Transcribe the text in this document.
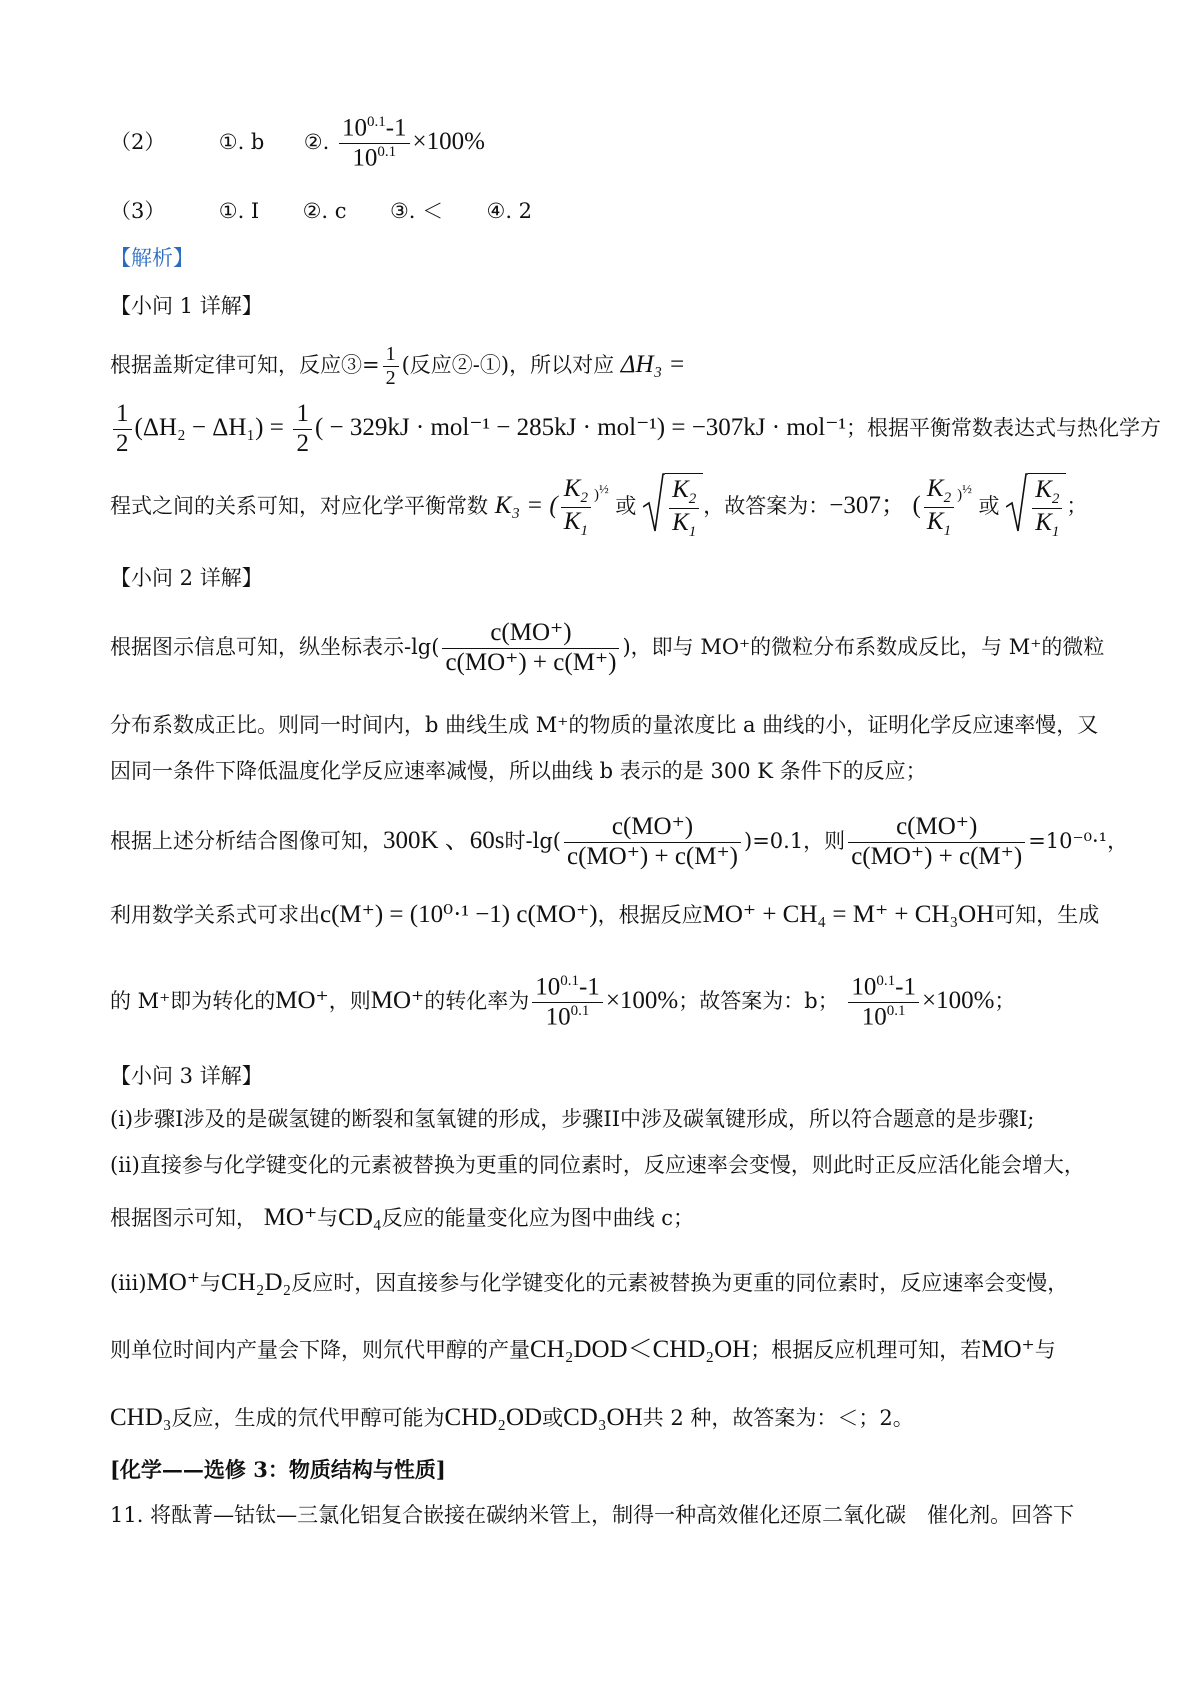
（2）	①. b ②. $\frac{10^{0.1}-1}{10^{0.1}} \times 100\%$
（3）	①. I ②. c ③. ＜ ④. 2
【解析】
【小问 1 详解】
根据盖斯定律可知，反应③= $\frac{1}{2}$ (反应②-①)，所以对应 ΔH₃ =
$\frac{1}{2} (\Delta H_2 - \Delta H_1) = \frac{1}{2}$ ( − 329kJ · mol⁻¹ − 285kJ · mol⁻¹) = −307kJ · mol⁻¹；根据平衡常数表达式与热化学方
程式之间的关系可知，对应化学平衡常数 K₃ = ( $\frac{K_2}{K_1} ^{)^{\frac{1}{2}}}$ 或 $\frac{K_2}{K_1}$ ，故答案为：−307； ( $\frac{K_2}{K_1} ^{)^{\frac{1}{2}}}$ 或 $\frac{K_2}{K_1}$ ；
【小问 2 详解】
根据图示信息可知，纵坐标表示$-\lg( \frac{c(MO^+)}{c(MO^+) + c(M^+)}$ )，即与 MO⁺的微粒分布系数成反比，与 M⁺的微粒
分布系数成正比。则同一时间内，b 曲线生成 M⁺的物质的量浓度比 a 曲线的小，证明化学反应速率慢，又
因同一条件下降低温度化学反应速率减慢，所以曲线 b 表示的是 300 K 条件下的反应；
根据上述分析结合图像可知，300K 、60s时$-\lg( \frac{c(MO^+)}{c(MO^+) + c(M^+)} )=0.1$，则 $\frac{c(MO^+)}{c(MO^+) + c(M^+)} =10^{-0}\cdot^1$，
利用数学关系式可求出c(M⁺) = (10⁰·¹ −1) c(MO⁺)，根据反应MO⁺ + CH₄ = M⁺ + CH₃OH可知，生成
的 M⁺即为转化的MO⁺，则MO⁺的转化率为 $\frac{10^{0.1}-1}{10^{0.1}} \times 100\%$；故答案为：b； $\frac{10^{0.1}-1}{10^{0.1}} \times 100\%$；
【小问 3 详解】
(i)步骤I涉及的是碳氢键的断裂和氢氧键的形成，步骤II中涉及碳氧键形成，所以符合题意的是步骤I;
(ii)直接参与化学键变化的元素被替换为更重的同位素时，反应速率会变慢，则此时正反应活化能会增大，
根据图示可知， MO⁺与CD₄反应的能量变化应为图中曲线 c；
(iii)MO⁺与CH₂D₂反应时，因直接参与化学键变化的元素被替换为更重的同位素时，反应速率会变慢，
则单位时间内产量会下降，则氘代甲醇的产量CH₂DOD＜CHD₂OH；根据反应机理可知，若MO⁺与
CHD₃反应，生成的氘代甲醇可能为CHD₂OD或CD₃OH共 2 种，故答案为：＜；2。
[化学——选修 3：物质结构与性质]
11. 将酞菁—钴钛—三氯化铝复合嵌接在碳纳米管上，制得一种高效催化还原二氧化碳　催化剂。回答下
